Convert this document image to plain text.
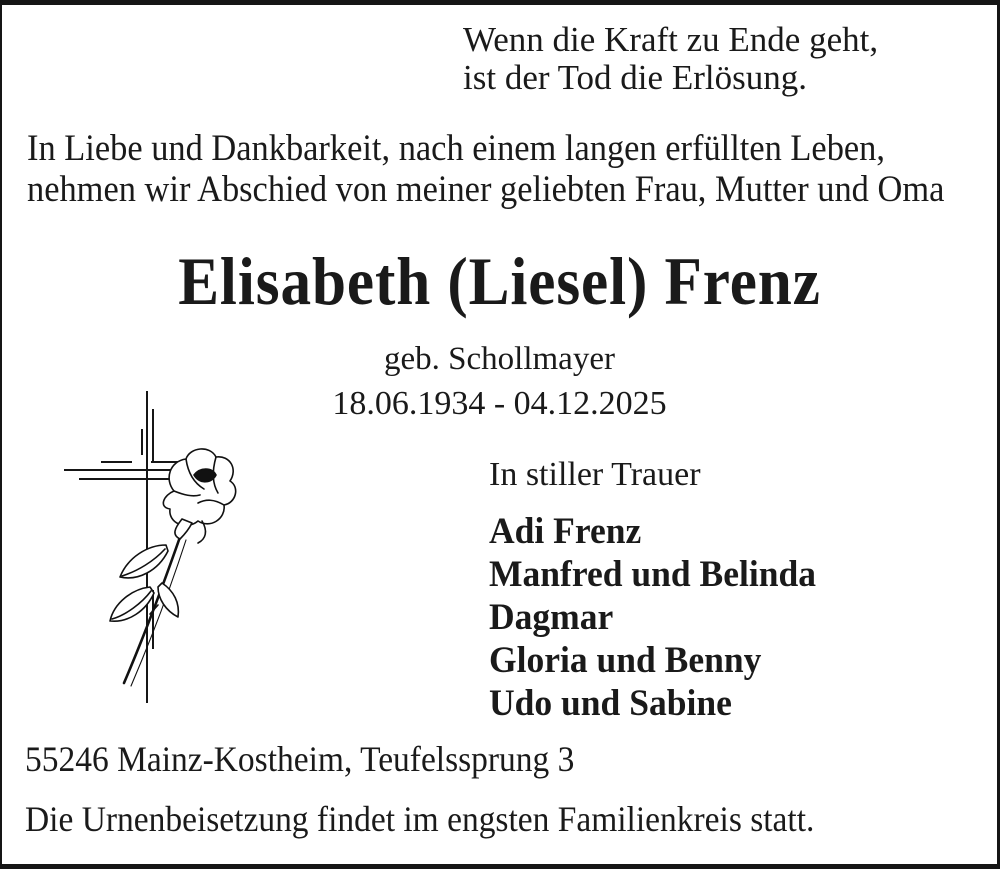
Wenn die Kraft zu Ende geht,
ist der Tod die Erlösung.
In Liebe und Dankbarkeit, nach einem langen erfüllten Leben,
nehmen wir Abschied von meiner geliebten Frau, Mutter und Oma
Elisabeth (Liesel) Frenz
geb. Schollmayer
18.06.1934 - 04.12.2025
In stiller Trauer
Adi Frenz
Manfred und Belinda
Dagmar
Gloria und Benny
Udo und Sabine
55246 Mainz-Kostheim, Teufelssprung 3
Die Urnenbeisetzung findet im engsten Familienkreis statt.
